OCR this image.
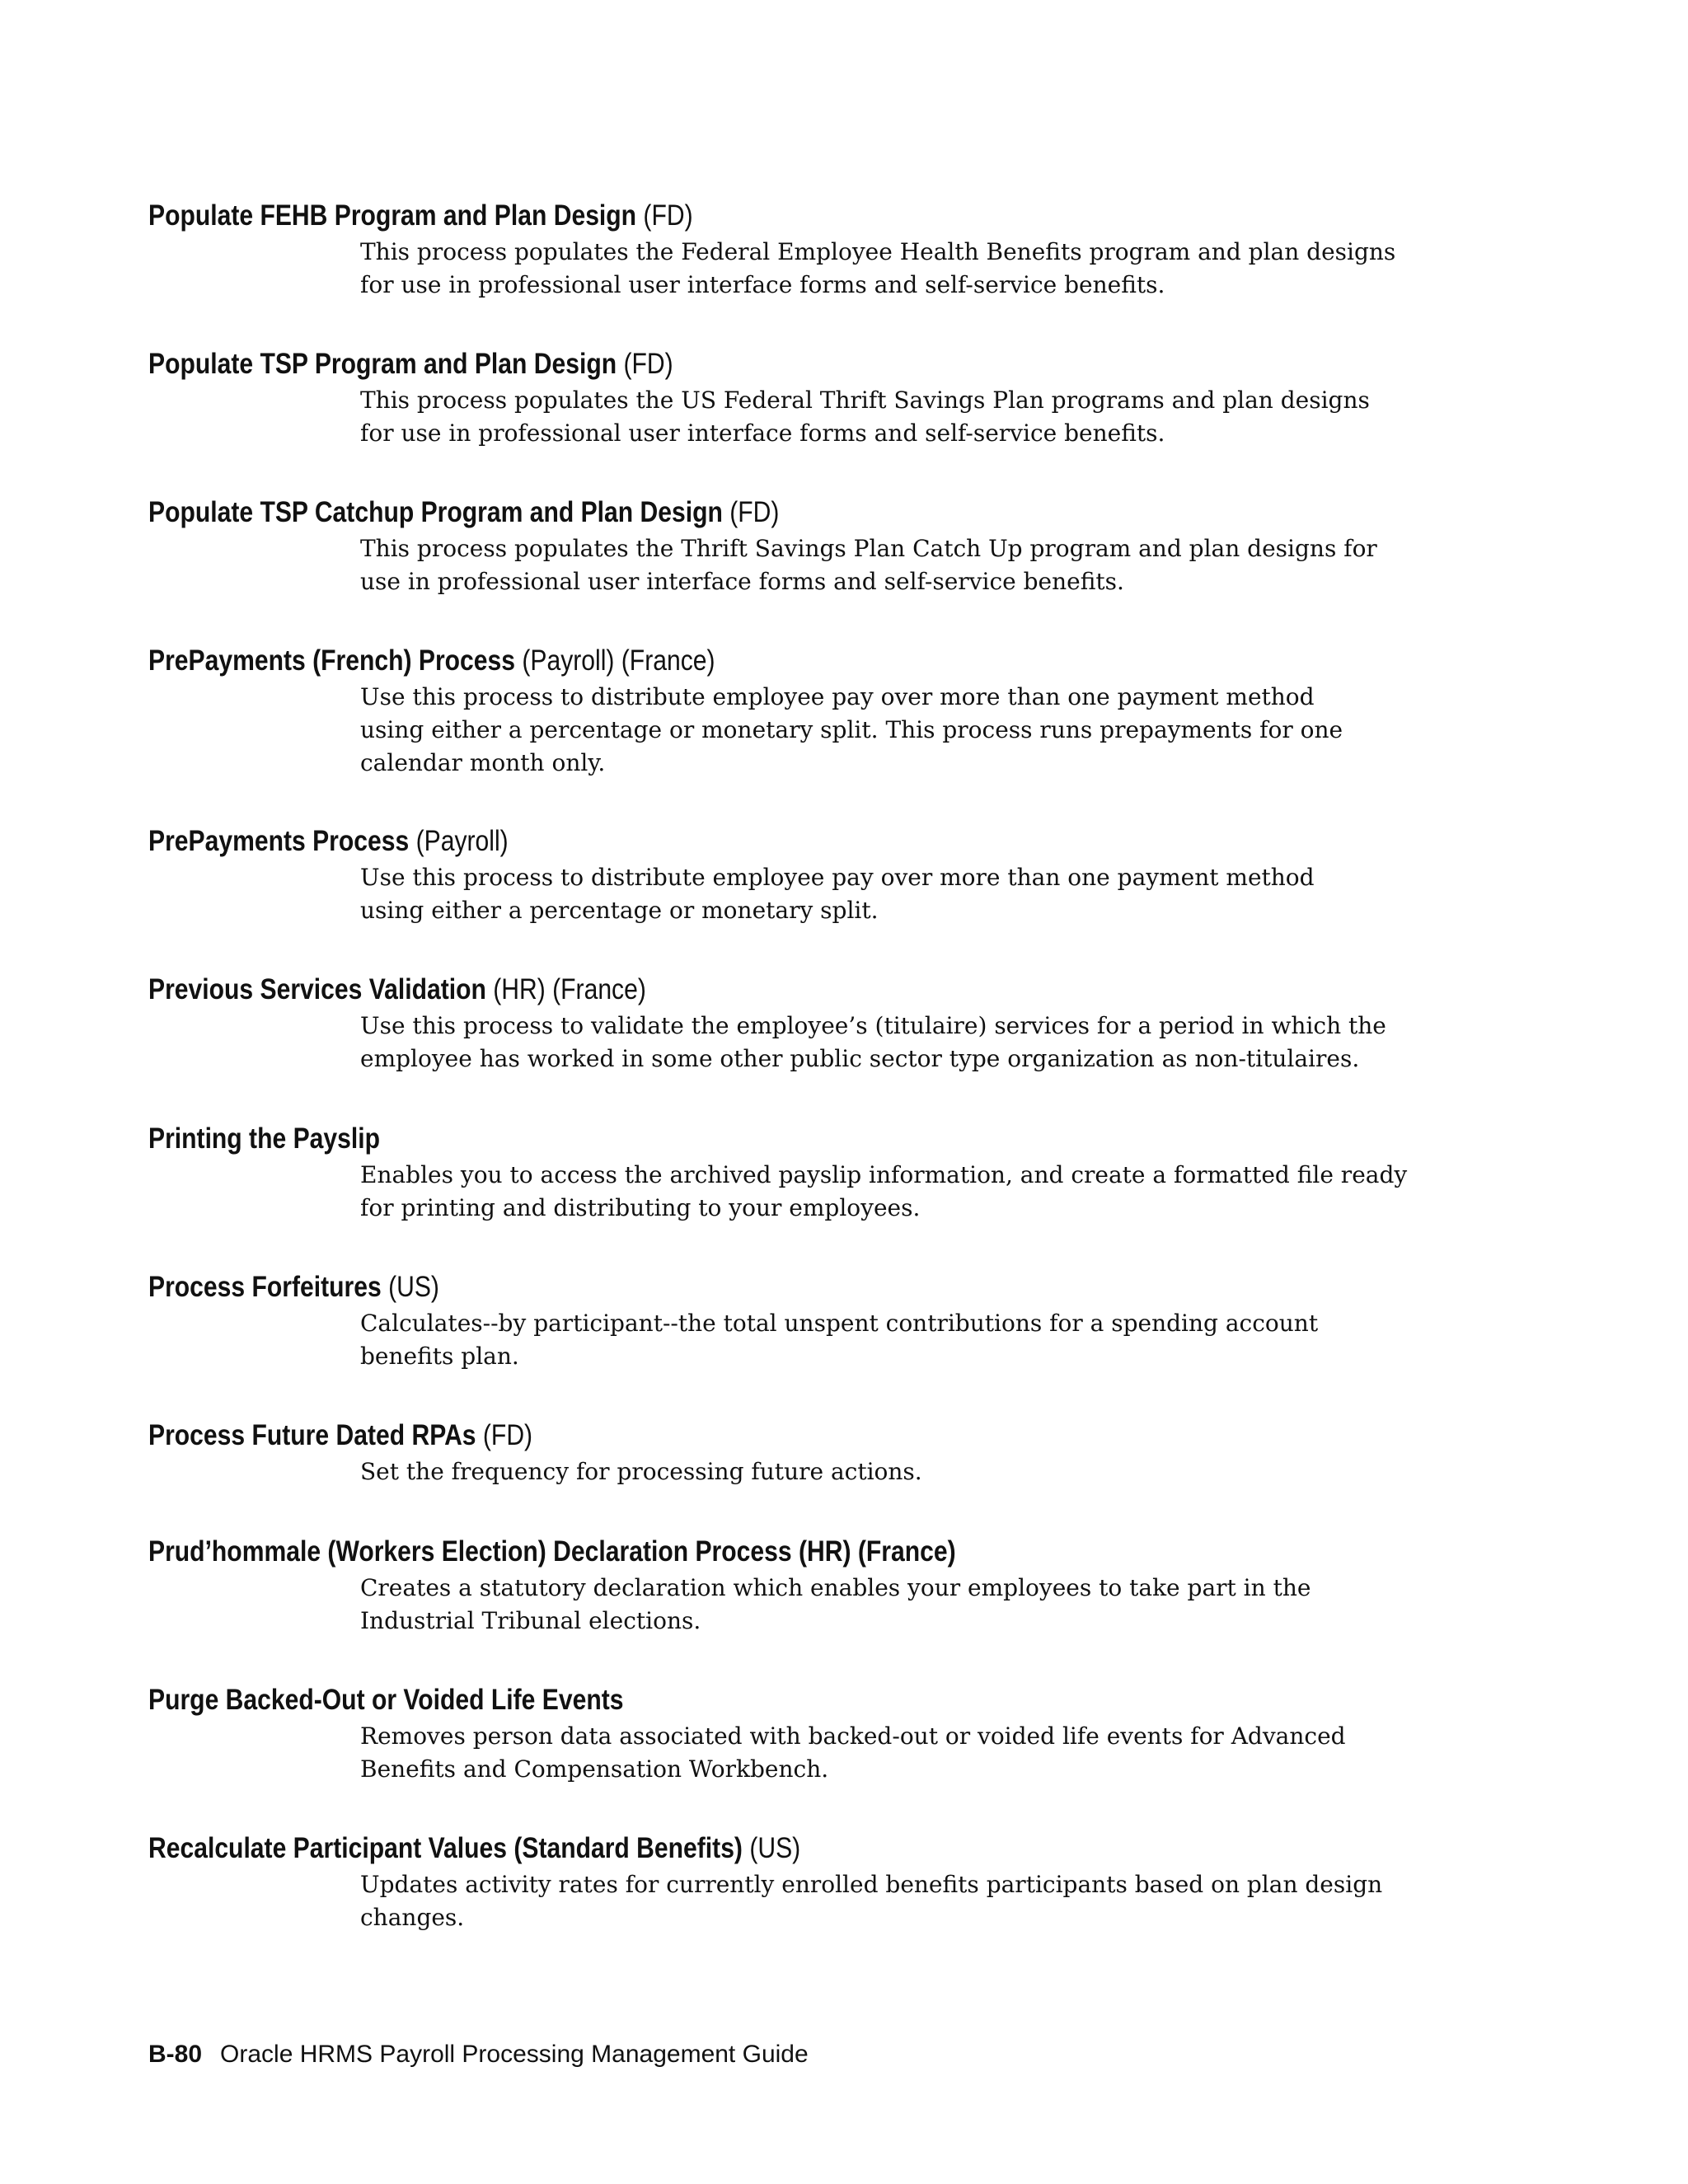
Populate FEHB Program and Plan Design (FD)
This process populates the Federal Employee Health Benefits program and plan designs
for use in professional user interface forms and self-service benefits.
Populate TSP Program and Plan Design (FD)
This process populates the US Federal Thrift Savings Plan programs and plan designs
for use in professional user interface forms and self-service benefits.
Populate TSP Catchup Program and Plan Design (FD)
This process populates the Thrift Savings Plan Catch Up program and plan designs for
use in professional user interface forms and self-service benefits.
PrePayments (French) Process (Payroll) (France)
Use this process to distribute employee pay over more than one payment method
using either a percentage or monetary split. This process runs prepayments for one
calendar month only.
PrePayments Process (Payroll)
Use this process to distribute employee pay over more than one payment method
using either a percentage or monetary split.
Previous Services Validation (HR) (France)
Use this process to validate the employee’s (titulaire) services for a period in which the
employee has worked in some other public sector type organization as non-titulaires.
Printing the Payslip
Enables you to access the archived payslip information, and create a formatted file ready
for printing and distributing to your employees.
Process Forfeitures (US)
Calculates--by participant--the total unspent contributions for a spending account
benefits plan.
Process Future Dated RPAs (FD)
Set the frequency for processing future actions.
Prud’hommale (Workers Election) Declaration Process (HR) (France)
Creates a statutory declaration which enables your employees to take part in the
Industrial Tribunal elections.
Purge Backed-Out or Voided Life Events
Removes person data associated with backed-out or voided life events for Advanced
Benefits and Compensation Workbench.
Recalculate Participant Values (Standard Benefits) (US)
Updates activity rates for currently enrolled benefits participants based on plan design
changes.
B-80 Oracle HRMS Payroll Processing Management Guide
